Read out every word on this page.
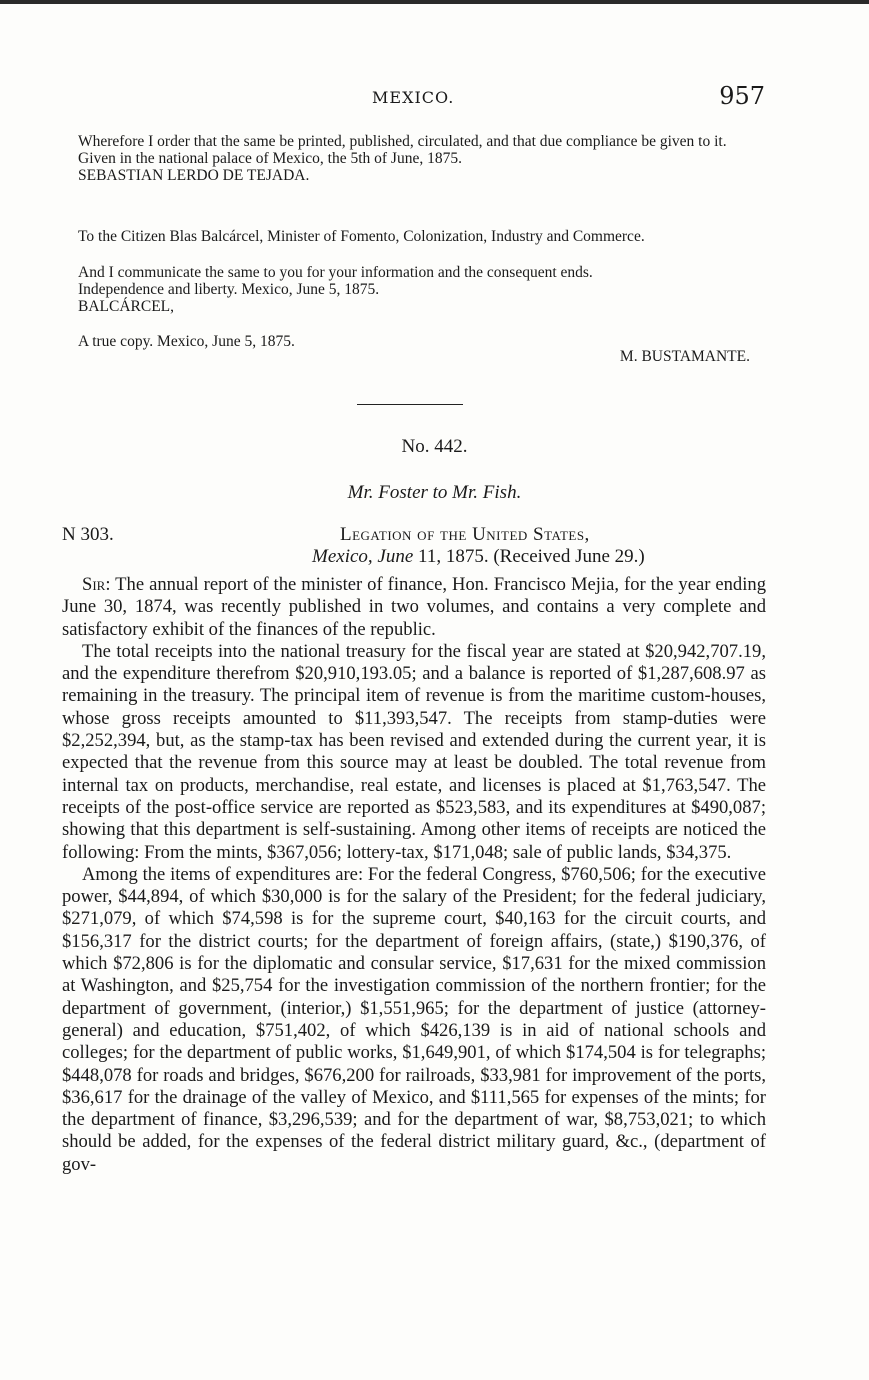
MEXICO.	957

Wherefore I order that the same be printed, published, circulated, and that due compliance be given to it.

Given in the national palace of Mexico, the 5th of June, 1875.

SEBASTIAN LERDO DE TEJADA.

To the Citizen Blas Balcárcel, Minister of Fomento, Colonization, Industry and Commerce.

And I communicate the same to you for your information and the consequent ends.

Independence and liberty. Mexico, June 5, 1875.

BALCÁRCEL,

A true copy. Mexico, June 5, 1875.
M. BUSTAMANTE.
No. 442.
Mr. Foster to Mr. Fish.
N 303.	Legation of the United States,
Mexico, June 11, 1875. (Received June 29.)

Sir: The annual report of the minister of finance, Hon. Francisco Mejia, for the year ending June 30, 1874, was recently published in two volumes, and contains a very complete and satisfactory exhibit of the finances of the republic.

The total receipts into the national treasury for the fiscal year are stated at $20,942,707.19, and the expenditure therefrom $20,910,193.05; and a balance is reported of $1,287,608.97 as remaining in the treasury. The principal item of revenue is from the maritime custom-houses, whose gross receipts amounted to $11,393,547. The receipts from stamp-duties were $2,252,394, but, as the stamp-tax has been revised and extended during the current year, it is expected that the revenue from this source may at least be doubled. The total revenue from internal tax on products, merchandise, real estate, and licenses is placed at $1,763,547. The receipts of the post-office service are reported as $523,583, and its expenditures at $490,087; showing that this department is self-sustaining. Among other items of receipts are noticed the following: From the mints, $367,056; lottery-tax, $171,048; sale of public lands, $34,375.

Among the items of expenditures are: For the federal Congress, $760,506; for the executive power, $44,894, of which $30,000 is for the salary of the President; for the federal judiciary, $271,079, of which $74,598 is for the supreme court, $40,163 for the circuit courts, and $156,317 for the district courts; for the department of foreign affairs, (state,) $190,376, of which $72,806 is for the diplomatic and consular service, $17,631 for the mixed commission at Washington, and $25,754 for the investigation commission of the northern frontier; for the department of government, (interior,) $1,551,965; for the department of justice (attorney-general) and education, $751,402, of which $426,139 is in aid of national schools and colleges; for the department of public works, $1,649,901, of which $174,504 is for telegraphs; $448,078 for roads and bridges, $676,200 for railroads, $33,981 for improvement of the ports, $36,617 for the drainage of the valley of Mexico, and $111,565 for expenses of the mints; for the department of finance, $3,296,539; and for the department of war, $8,753,021; to which should be added, for the expenses of the federal district military guard, &c., (department of gov-
